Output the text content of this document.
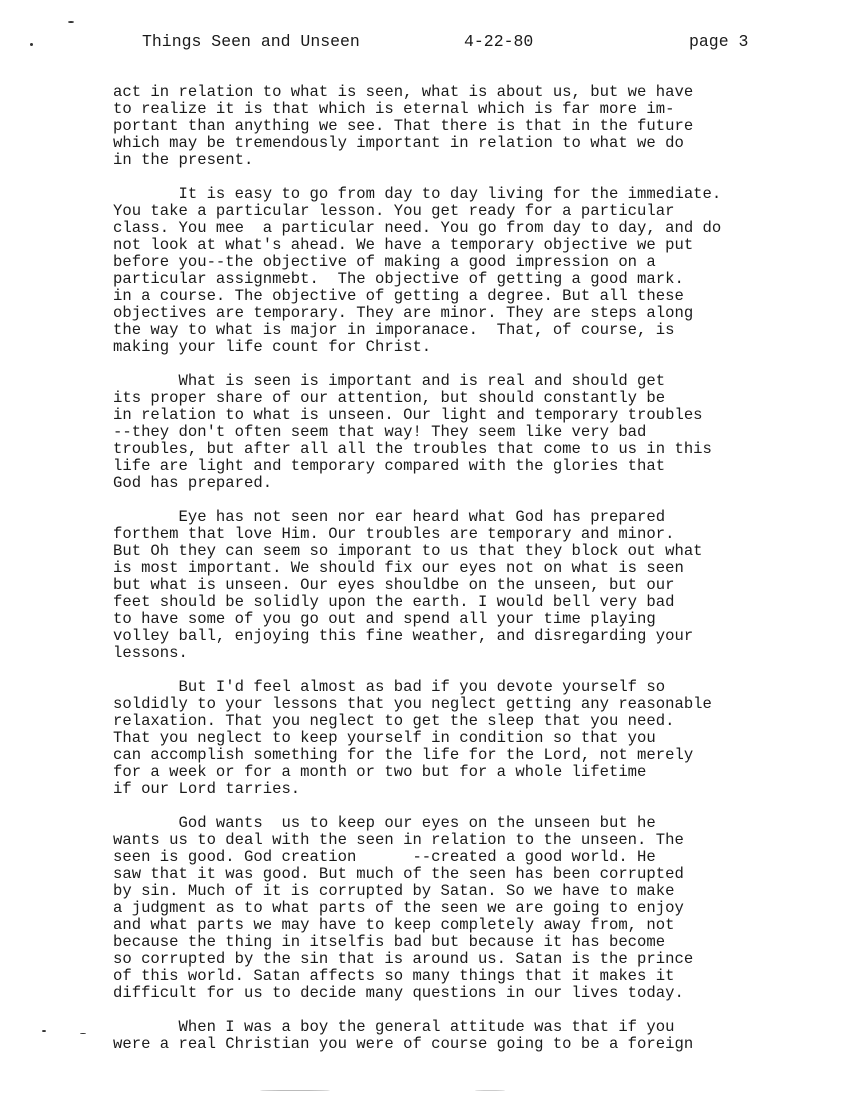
Things Seen and Unseen	4-22-80	page 3
act in relation to what is seen, what is about us, but we have
to realize it is that which is eternal which is far more im-
portant than anything we see. That there is that in the future
which may be tremendously important in relation to what we do
in the present.
It is easy to go from day to day living for the immediate.
You take a particular lesson. You get ready for a particular
class. You mee  a particular need. You go from day to day, and do
not look at what's ahead. We have a temporary objective we put
before you--the objective of making a good impression on a
particular assignmebt.  The objective of getting a good mark.
in a course. The objective of getting a degree. But all these
objectives are temporary. They are minor. They are steps along
the way to what is major in imporanace.  That, of course, is
making your life count for Christ.
What is seen is important and is real and should get
its proper share of our attention, but should constantly be
in relation to what is unseen. Our light and temporary troubles
--they don't often seem that way! They seem like very bad
troubles, but after all all the troubles that come to us in this
life are light and temporary compared with the glories that
God has prepared.
Eye has not seen nor ear heard what God has prepared
forthem that love Him. Our troubles are temporary and minor.
But Oh they can seem so imporant to us that they block out what
is most important. We should fix our eyes not on what is seen
but what is unseen. Our eyes shouldbe on the unseen, but our
feet should be solidly upon the earth. I would bell very bad
to have some of you go out and spend all your time playing
volley ball, enjoying this fine weather, and disregarding your
lessons.
But I'd feel almost as bad if you devote yourself so
soldidly to your lessons that you neglect getting any reasonable
relaxation. That you neglect to get the sleep that you need.
That you neglect to keep yourself in condition so that you
can accomplish something for the life for the Lord, not merely
for a week or for a month or two but for a whole lifetime
if our Lord tarries.
God wants  us to keep our eyes on the unseen but he
wants us to deal with the seen in relation to the unseen. The
seen is good. God creation      --created a good world. He
saw that it was good. But much of the seen has been corrupted
by sin. Much of it is corrupted by Satan. So we have to make
a judgment as to what parts of the seen we are going to enjoy
and what parts we may have to keep completely away from, not
because the thing in itselfis bad but because it has become
so corrupted by the sin that is around us. Satan is the prince
of this world. Satan affects so many things that it makes it
difficult for us to decide many questions in our lives today.
When I was a boy the general attitude was that if you
were a real Christian you were of course going to be a foreign
